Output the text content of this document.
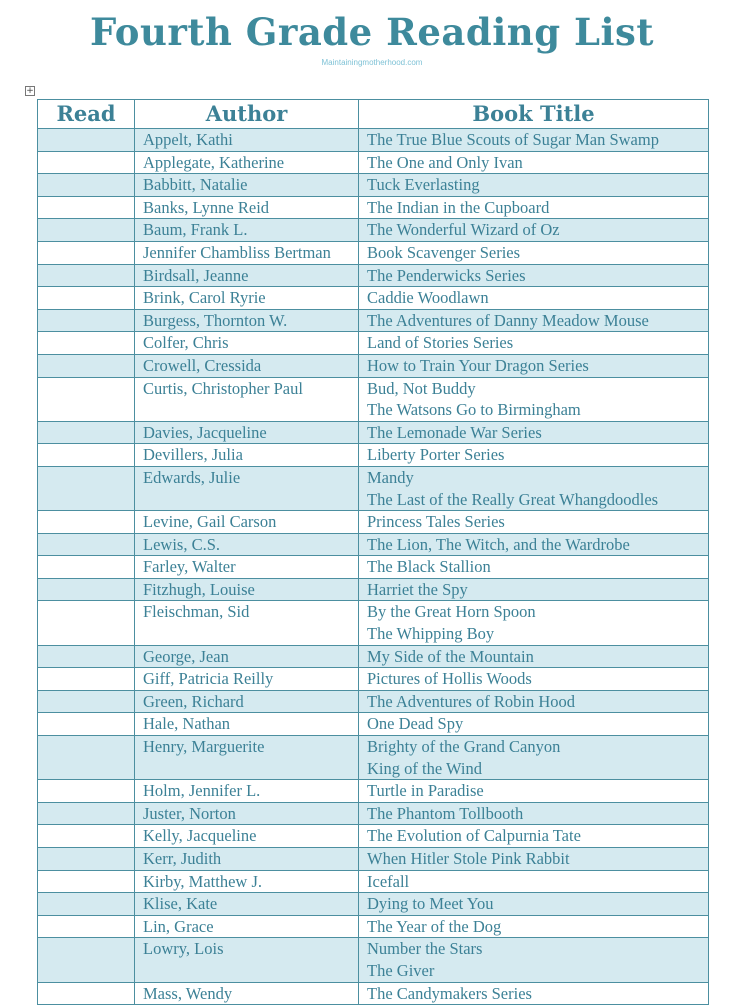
Fourth Grade Reading List
Maintainingmotherhood.com
+
Read	Author	Book Title
	Appelt, Kathi	The True Blue Scouts of Sugar Man Swamp

	Applegate, Katherine	The One and Only Ivan

	Babbitt, Natalie	Tuck Everlasting

	Banks, Lynne Reid	The Indian in the Cupboard

	Baum, Frank L.	The Wonderful Wizard of Oz

	Jennifer Chambliss Bertman	Book Scavenger Series

	Birdsall, Jeanne	The Penderwicks Series

	Brink, Carol Ryrie	Caddie Woodlawn

	Burgess, Thornton W.	The Adventures of Danny Meadow Mouse

	Colfer, Chris	Land of Stories Series

	Crowell, Cressida	How to Train Your Dragon Series

	Curtis, Christopher Paul	Bud, Not Buddy
The Watsons Go to Birmingham

	Davies, Jacqueline	The Lemonade War Series

	Devillers, Julia	Liberty Porter Series

	Edwards, Julie	Mandy
The Last of the Really Great Whangdoodles

	Levine, Gail Carson	Princess Tales Series

	Lewis, C.S.	The Lion, The Witch, and the Wardrobe

	Farley, Walter	The Black Stallion

	Fitzhugh, Louise	Harriet the Spy

	Fleischman, Sid	By the Great Horn Spoon
The Whipping Boy

	George, Jean	My Side of the Mountain

	Giff, Patricia Reilly	Pictures of Hollis Woods

	Green, Richard	The Adventures of Robin Hood

	Hale, Nathan	One Dead Spy

	Henry, Marguerite	Brighty of the Grand Canyon
King of the Wind

	Holm, Jennifer L.	Turtle in Paradise

	Juster, Norton	The Phantom Tollbooth

	Kelly, Jacqueline	The Evolution of Calpurnia Tate

	Kerr, Judith	When Hitler Stole Pink Rabbit

	Kirby, Matthew J.	Icefall

	Klise, Kate	Dying to Meet You

	Lin, Grace	The Year of the Dog

	Lowry, Lois	Number the Stars
The Giver

	Mass, Wendy	The Candymakers Series
